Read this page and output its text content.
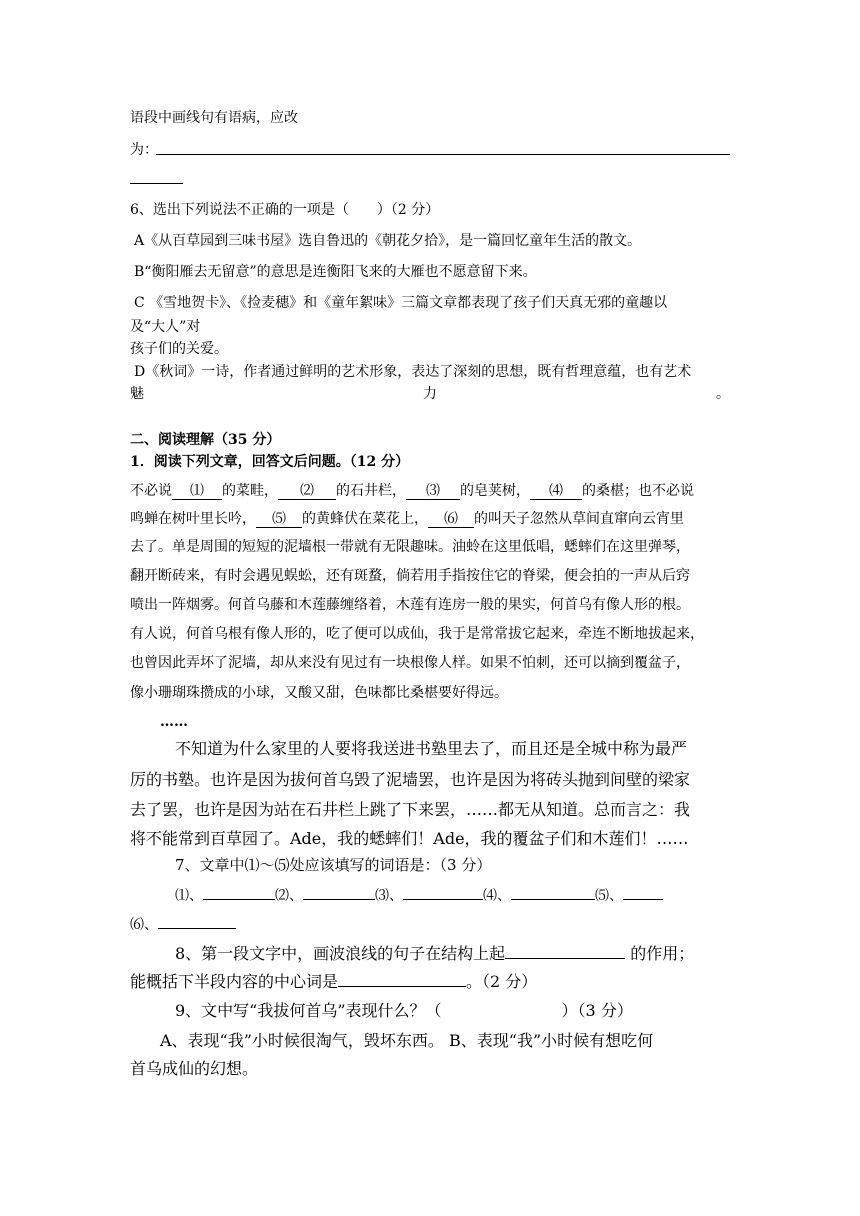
语段中画线句有语病，应改
为：
6、选出下列说法不正确的一项是（　　）（2 分）
A《从百草园到三味书屋》选自鲁迅的《朝花夕拾》，是一篇回忆童年生活的散文。
B“衡阳雁去无留意”的意思是连衡阳飞来的大雁也不愿意留下来。
C 《雪地贺卡》、《捡麦穗》和《童年絮味》三篇文章都表现了孩子们天真无邪的童趣以
及“大人”对
孩子们的关爱。
D《秋词》一诗，作者通过鲜明的艺术形象，表达了深刻的思想，既有哲理意蕴，也有艺术
魅	力	。
二、阅读理解（35 分）
1．阅读下列文章，回答文后问题。（12 分）
不必说 ⑴ 的菜畦， ⑵ 的石井栏， ⑶ 的皂荚树， ⑷ 的桑椹；也不必说
鸣蝉在树叶里长吟， ⑸ 的黄蜂伏在菜花上， ⑹ 的叫天子忽然从草间直窜向云宵里
去了。单是周围的短短的泥墙根一带就有无限趣味。油蛉在这里低唱，蟋蟀们在这里弹琴，
翻开断砖来，有时会遇见蜈蚣，还有斑蝥，倘若用手指按住它的脊梁，便会拍的一声从后窍
喷出一阵烟雾。何首乌藤和木莲藤缠络着，木莲有连房一般的果实，何首乌有像人形的根。
有人说，何首乌根有像人形的，吃了便可以成仙，我于是常常拔它起来，牵连不断地拔起来，
也曾因此弄坏了泥墙，却从来没有见过有一块根像人样。如果不怕刺，还可以摘到覆盆子，
像小珊瑚珠攒成的小球，又酸又甜，色味都比桑椹要好得远。
……
不知道为什么家里的人要将我送进书塾里去了，而且还是全城中称为最严
厉的书塾。也许是因为拔何首乌毁了泥墙罢，也许是因为将砖头抛到间壁的梁家
去了罢，也许是因为站在石井栏上跳了下来罢，……都无从知道。总而言之：我
将不能常到百草园了。Ade，我的蟋蟀们！Ade，我的覆盆子们和木莲们！……
7、文章中⑴～⑸处应该填写的词语是：（3 分）
⑴、	⑵、	⑶、	⑷、	⑸、
⑹、
8、第一段文字中，画波浪线的句子在结构上起	的作用；
能概括下半段内容的中心词是	。（2 分）
9、文中写“我拔何首乌”表现什么？（	）（3 分）
A、表现“我”小时候很淘气，毁坏东西。 B、表现“我”小时候有想吃何
首乌成仙的幻想。
